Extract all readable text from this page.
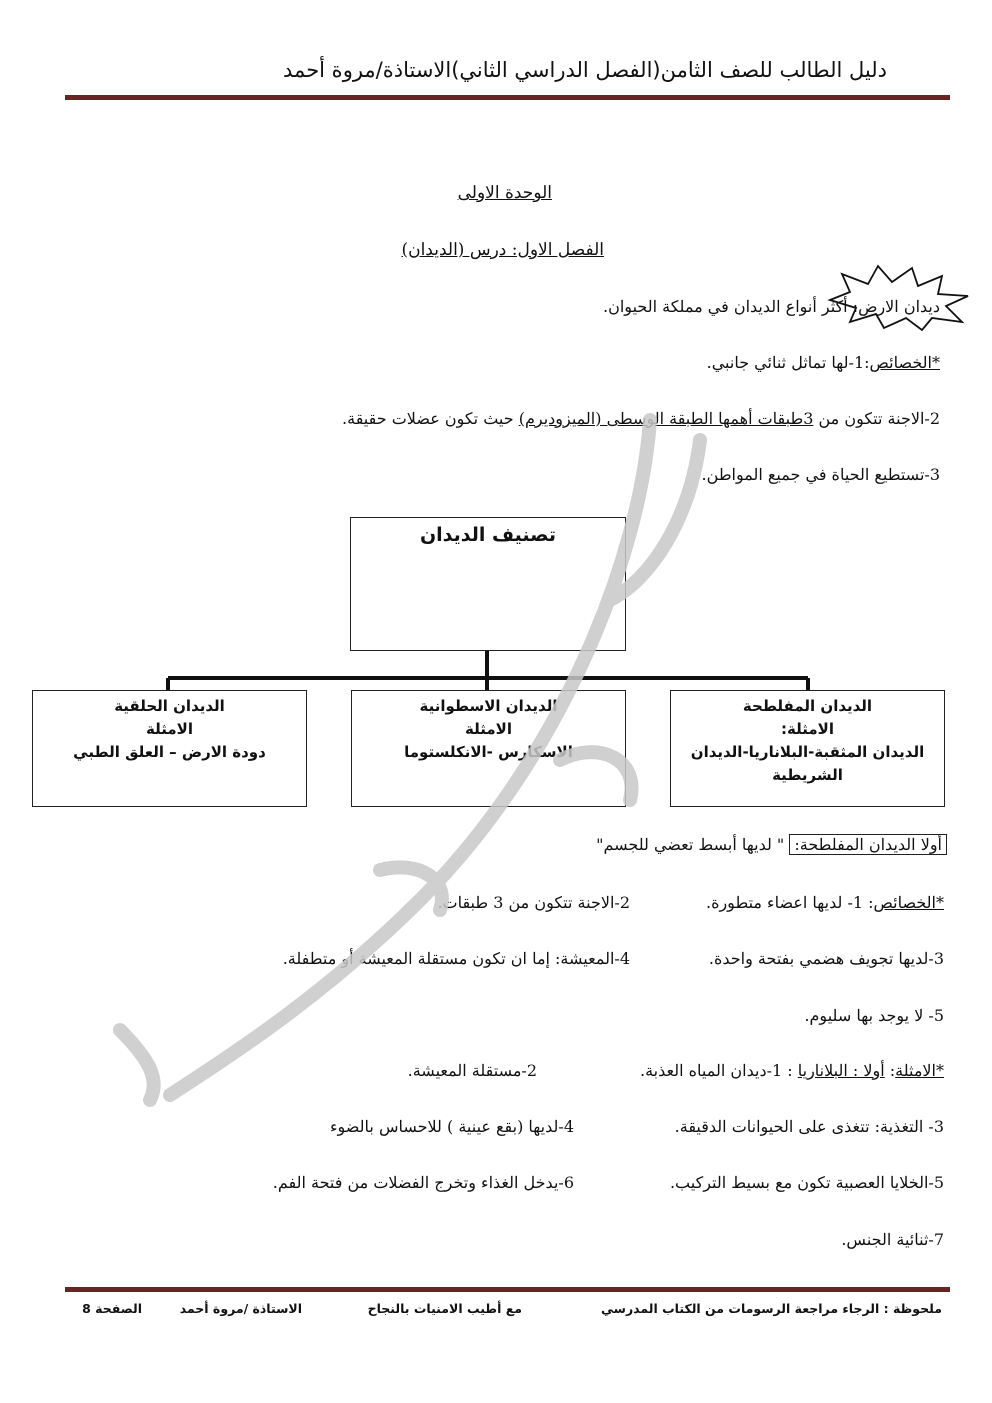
دليل الطالب للصف الثامن(الفصل الدراسي الثاني)الاستاذة/مروة أحمد
الوحدة الاولى
الفصل الاول: درس (الديدان)
ديدان الارض: أكثر أنواع الديدان في مملكة الحيوان.
*الخصائص:1-لها تماثل ثنائي جانبي.
2-الاجنة تتكون من 3طبقات أهمها الطبقة الوسطى (الميزوديرم) حيث تكون عضلات حقيقة.
3-تستطيع الحياة في جميع المواطن.
تصنيف الديدان
الديدان المفلطحة
الامثلة:
الديدان المثقبة-البلاناريا-الديدان الشريطية
الديدان الاسطوانية
الامثلة
الاسكارس -الانكلستوما
الديدان الحلقية
الامثلة
دودة الارض – العلق الطبي
أولا الديدان المفلطحة: " لديها أبسط تعضي للجسم"
*الخصائص: 1- لديها اعضاء متطورة.
2-الاجنة تتكون من 3 طبقات.
3-لديها تجويف هضمي بفتحة واحدة.
4-المعيشة: إما ان تكون مستقلة المعيشة أو متطفلة.
5- لا يوجد بها سليوم.
*الامثلة: أولا : البلاناريا : 1-ديدان المياه العذبة.
2-مستقلة المعيشة.
3- التغذية: تتغذى على الحيوانات الدقيقة.
4-لديها (بقع عينية ) للاحساس بالضوء
5-الخلايا العصبية تكون مع بسيط التركيب.
6-يدخل الغذاء وتخرج الفضلات من فتحة الفم.
7-ثنائية الجنس.
ملحوظة : الرجاء مراجعة الرسومات من الكتاب المدرسي
مع أطيب الامنيات بالنجاح
الاستاذة /مروة أحمد
الصفحة 8
